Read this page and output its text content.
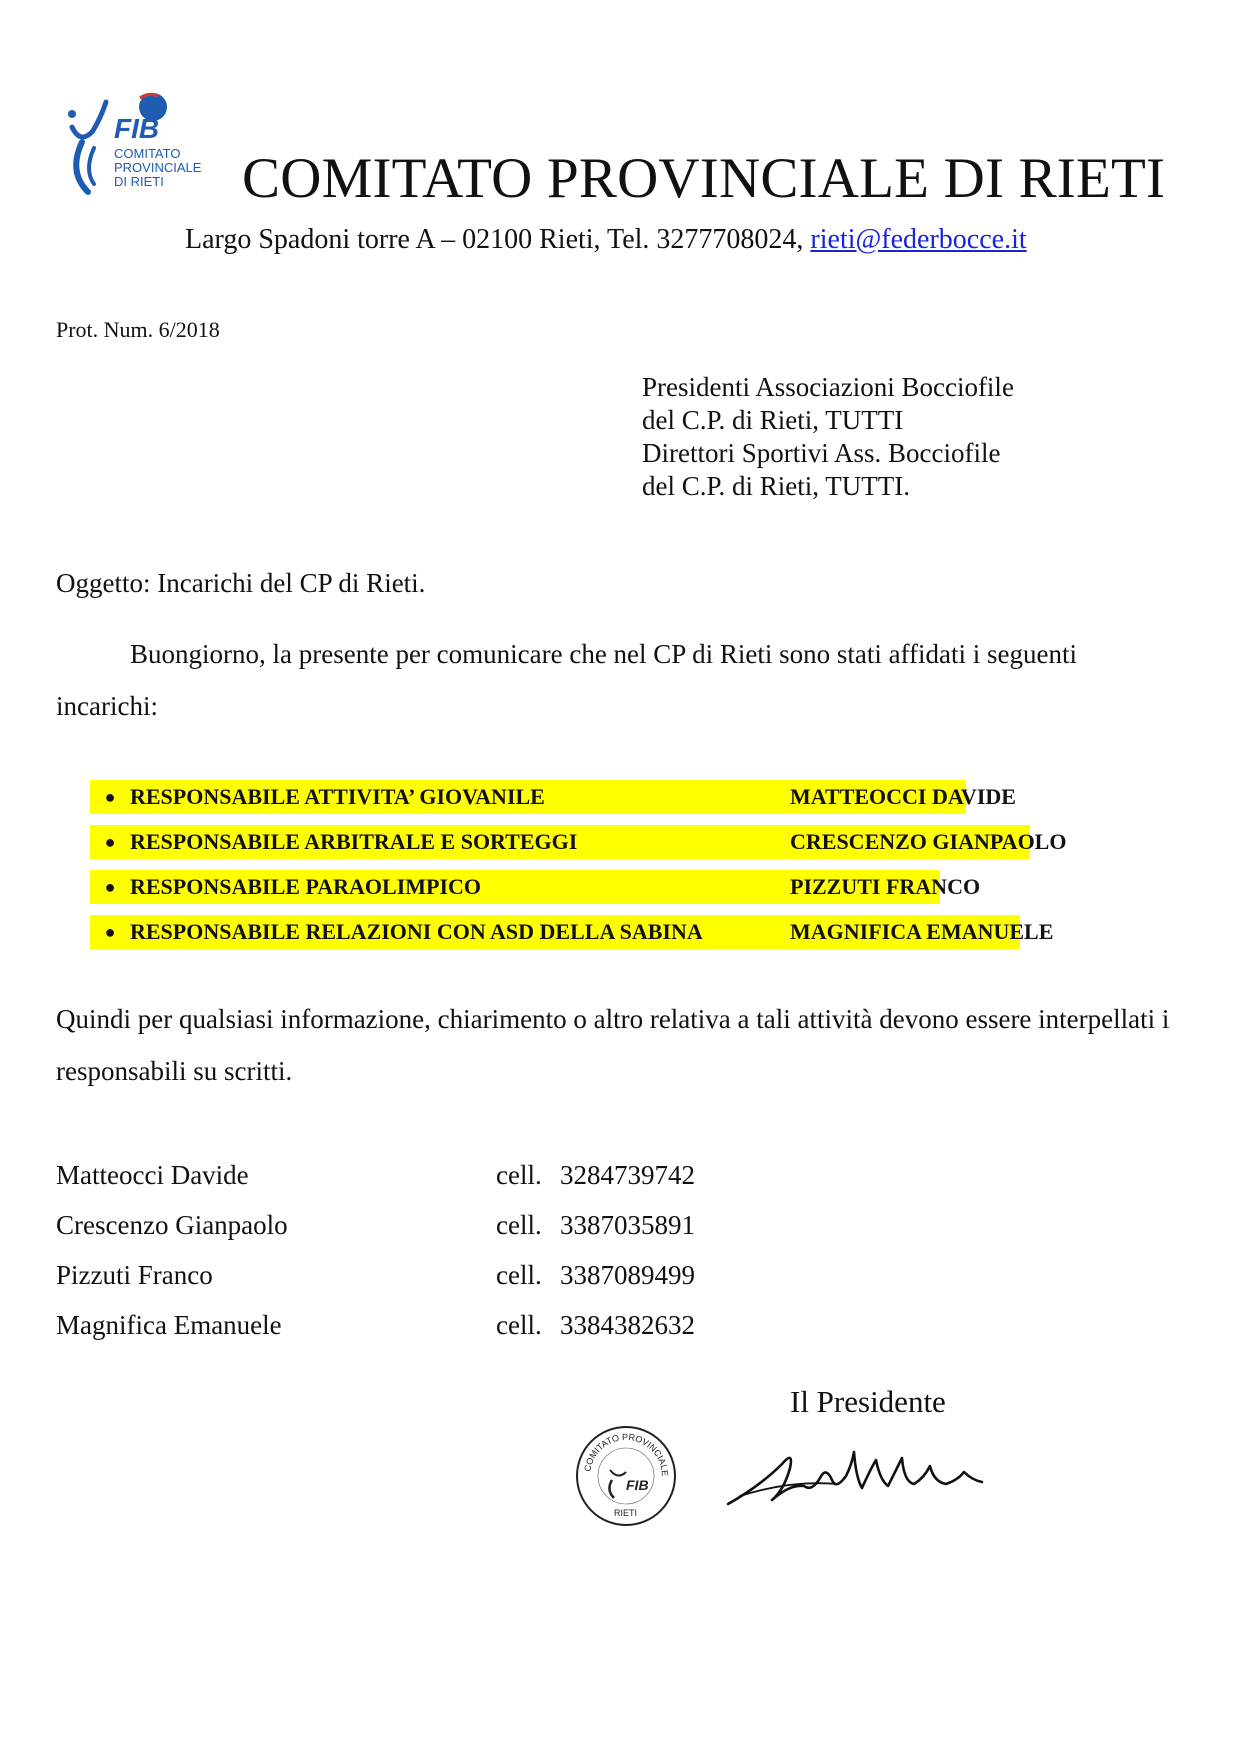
FIB
COMITATO
PROVINCIALE
DI RIETI COMITATO PROVINCIALE DI RIETI
Largo Spadoni torre A – 02100 Rieti, Tel. 3277708024, rieti@federbocce.it
Prot. Num. 6/2018
Presidenti Associazioni Bocciofile
del C.P. di Rieti, TUTTI
Direttori Sportivi Ass. Bocciofile
del C.P. di Rieti, TUTTI.
Oggetto: Incarichi del CP di Rieti.
Buongiorno, la presente per comunicare che nel CP di Rieti sono stati affidati i seguenti incarichi:
● RESPONSABILE ATTIVITA’ GIOVANILE	MATTEOCCI DAVIDE
● RESPONSABILE ARBITRALE E SORTEGGI	CRESCENZO GIANPAOLO
● RESPONSABILE PARAOLIMPICO	PIZZUTI FRANCO
● RESPONSABILE RELAZIONI CON ASD DELLA SABINA	MAGNIFICA EMANUELE
Quindi per qualsiasi informazione, chiarimento o altro relativa a tali attività devono essere interpellati i responsabili su scritti.
Matteocci Davide	cell. 3284739742
Crescenzo Gianpaolo	cell. 3387035891
Pizzuti Franco	cell. 3387089499
Magnifica Emanuele	cell. 3384382632
Il Presidente
COMITATO PROVINCIALE
FIB
RIETI
